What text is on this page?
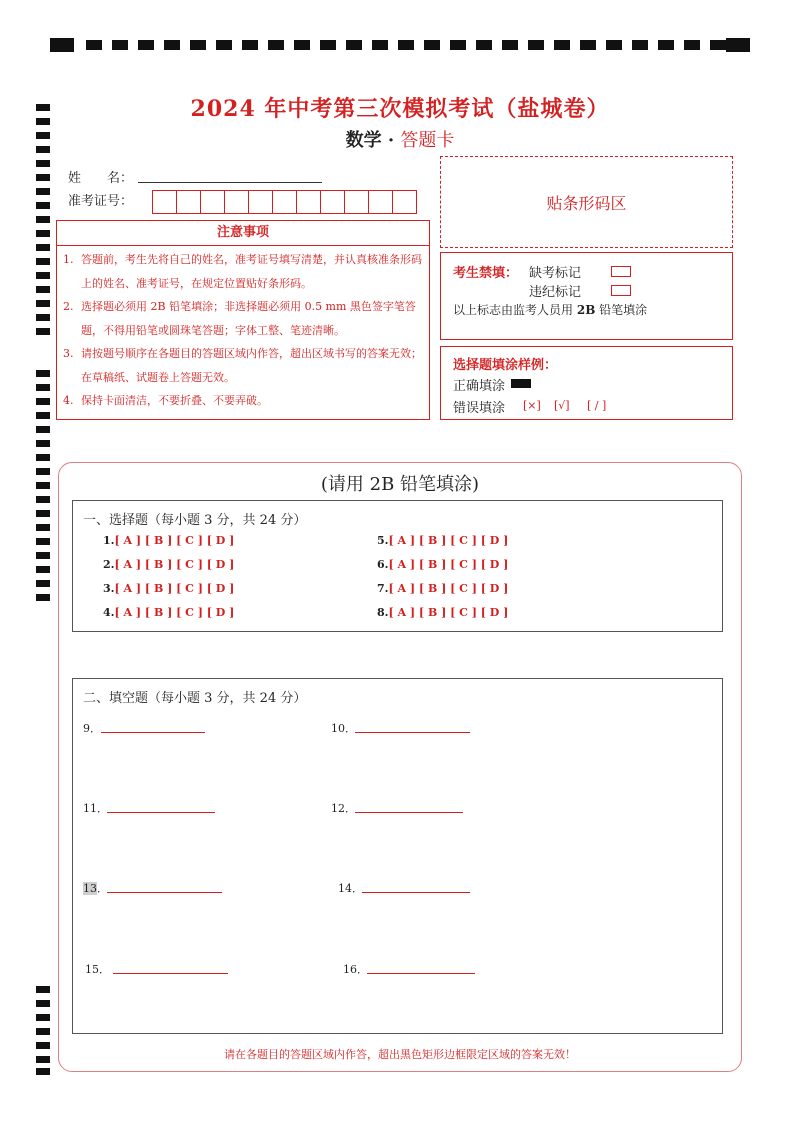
2024 年中考第三次模拟考试（盐城卷）
数学 · 答题卡
姓　　名：
准考证号：	贴条形码区
注意事项
1. 答题前，考生先将自己的姓名，准考证号填写清楚，并认真核准条形码上的姓名、准考证号，在规定位置贴好条形码。
2. 选择题必须用 2B 铅笔填涂；非选择题必须用 0.5 mm 黑色签字笔答题，不得用铅笔或圆珠笔答题；字体工整、笔迹清晰。
3. 请按题号顺序在各题目的答题区域内作答，超出区域书写的答案无效；在草稿纸、试题卷上答题无效。
4. 保持卡面清洁，不要折叠、不要弄破。
考生禁填： 缺考标记
违纪标记
以上标志由监考人员用 2B 铅笔填涂
选择题填涂样例：
正确填涂
错误填涂 [×] [√] [ / ]
(请用 2B 铅笔填涂)
一、选择题（每小题 3 分，共 24 分）
1.[ A ] [ B ] [ C ] [ D ]
2.[ A ] [ B ] [ C ] [ D ]
3.[ A ] [ B ] [ C ] [ D ]
4.[ A ] [ B ] [ C ] [ D ]
5.[ A ] [ B ] [ C ] [ D ]
6.[ A ] [ B ] [ C ] [ D ]
7.[ A ] [ B ] [ C ] [ D ]
8.[ A ] [ B ] [ C ] [ D ]
二、填空题（每小题 3 分，共 24 分）
9．	10．
11．	12．
13．	14．
15．	16．
请在各题目的答题区域内作答，超出黑色矩形边框限定区域的答案无效！
